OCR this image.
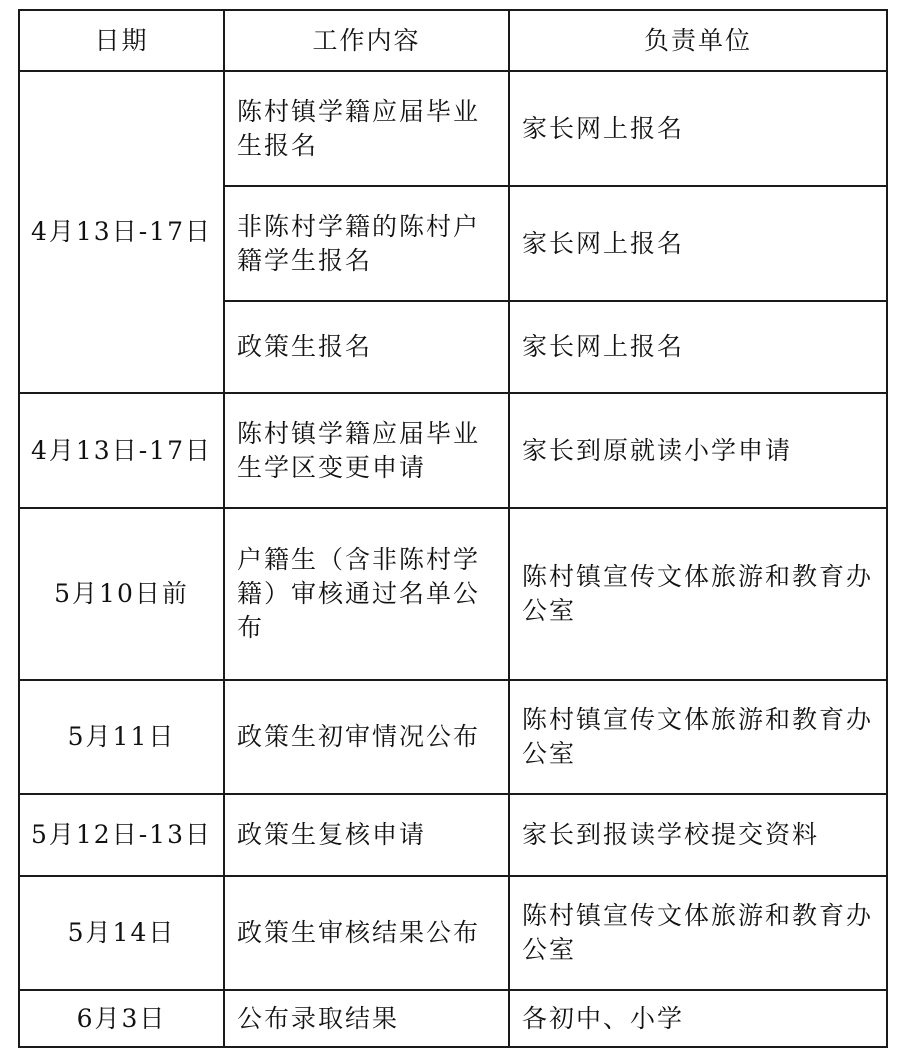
日期	工作内容	负责单位
4月13日-17日	陈村镇学籍应届毕业生报名	家长网上报名
	非陈村学籍的陈村户籍学生报名	家长网上报名
	政策生报名	家长网上报名
4月13日-17日	陈村镇学籍应届毕业生学区变更申请	家长到原就读小学申请
5月10日前	户籍生（含非陈村学籍）审核通过名单公布	陈村镇宣传文体旅游和教育办公室
5月11日	政策生初审情况公布	陈村镇宣传文体旅游和教育办公室
5月12日-13日	政策生复核申请	家长到报读学校提交资料
5月14日	政策生审核结果公布	陈村镇宣传文体旅游和教育办公室
6月3日	公布录取结果	各初中、小学
